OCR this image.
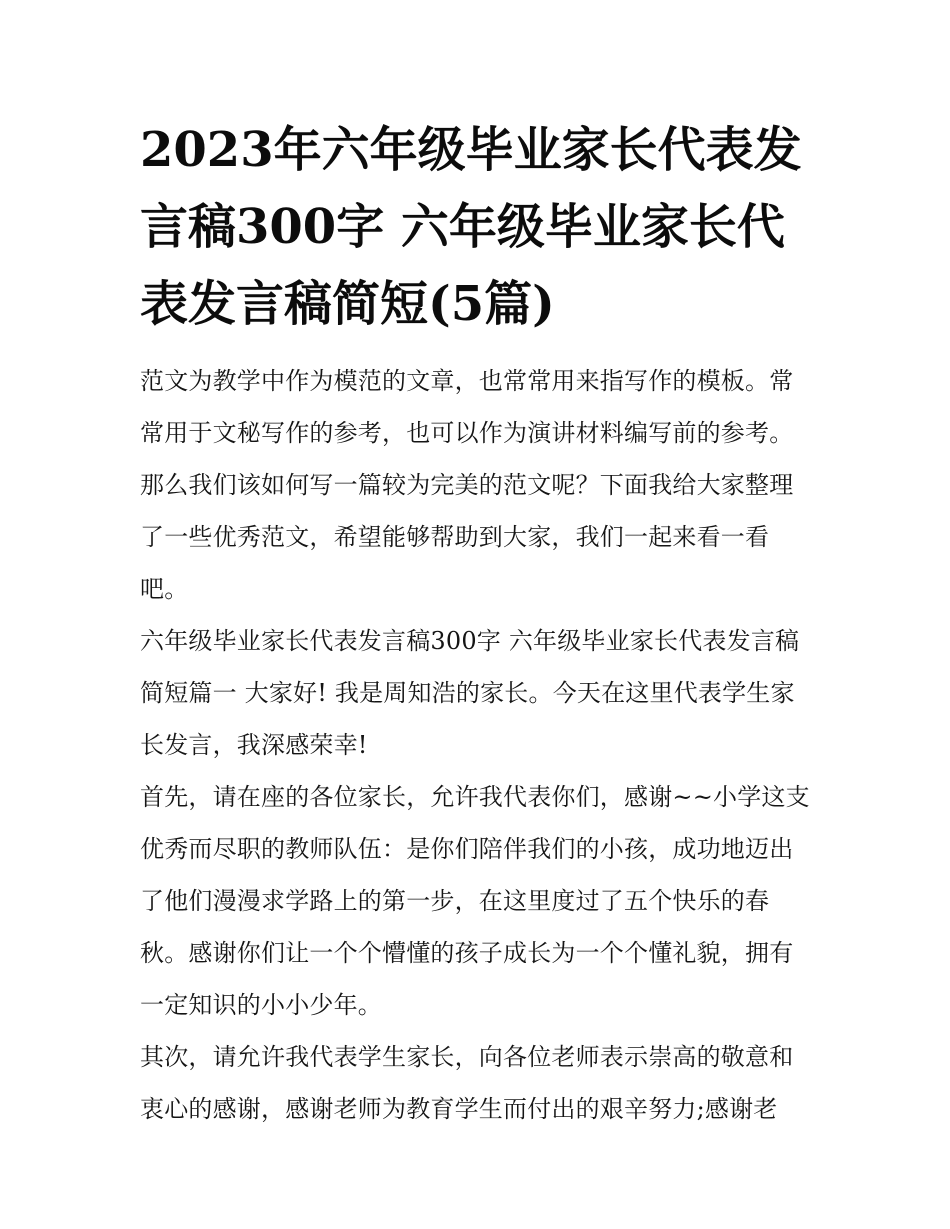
2023年六年级毕业家长代表发言稿300字 六年级毕业家长代表发言稿简短(5篇)

范文为教学中作为模范的文章，也常常用来指写作的模板。常常用于文秘写作的参考，也可以作为演讲材料编写前的参考。那么我们该如何写一篇较为完美的范文呢？下面我给大家整理了一些优秀范文，希望能够帮助到大家，我们一起来看一看吧。

六年级毕业家长代表发言稿300字 六年级毕业家长代表发言稿简短篇一 大家好! 我是周知浩的家长。今天在这里代表学生家长发言，我深感荣幸!

首先，请在座的各位家长，允许我代表你们，感谢~~小学这支优秀而尽职的教师队伍：是你们陪伴我们的小孩，成功地迈出了他们漫漫求学路上的第一步，在这里度过了五个快乐的春秋。感谢你们让一个个懵懂的孩子成长为一个个懂礼貌，拥有一定知识的小小少年。

其次，请允许我代表学生家长，向各位老师表示崇高的敬意和衷心的感谢，感谢老师为教育学生而付出的艰辛努力;感谢老
